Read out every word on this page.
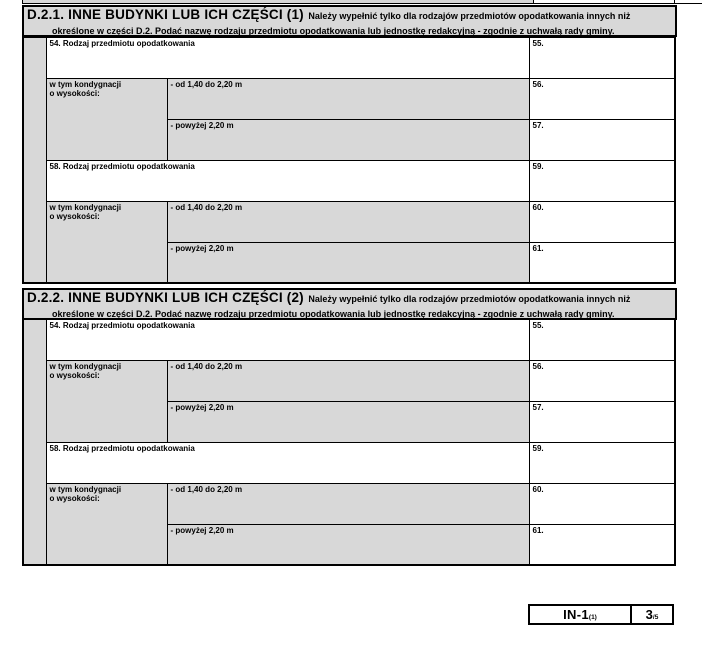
D.2.1. INNE BUDYNKI LUB ICH CZĘŚCI (1) Należy wypełnić tylko dla rodzajów przedmiotów opodatkowania innych niż
określone w części D.2. Podać nazwę rodzaju przedmiotu opodatkowania lub jednostkę redakcyjną - zgodnie z uchwałą rady gminy.
	54. Rodzaj przedmiotu opodatkowania		55.
	w tym kondygnacji
o wysokości:	- od 1,40 do 2,20 m	56.
		- powyżej 2,20 m	57.
	58. Rodzaj przedmiotu opodatkowania		59.
	w tym kondygnacji
o wysokości:	- od 1,40 do 2,20 m	60.
		- powyżej 2,20 m	61.
D.2.2. INNE BUDYNKI LUB ICH CZĘŚCI (2) Należy wypełnić tylko dla rodzajów przedmiotów opodatkowania innych niż
określone w części D.2. Podać nazwę rodzaju przedmiotu opodatkowania lub jednostkę redakcyjną - zgodnie z uchwałą rady gminy.
	54. Rodzaj przedmiotu opodatkowania		55.
	w tym kondygnacji
o wysokości:	- od 1,40 do 2,20 m	56.
		- powyżej 2,20 m	57.
	58. Rodzaj przedmiotu opodatkowania		59.
	w tym kondygnacji
o wysokości:	- od 1,40 do 2,20 m	60.
		- powyżej 2,20 m	61.
IN-1 (1)	3 /5
